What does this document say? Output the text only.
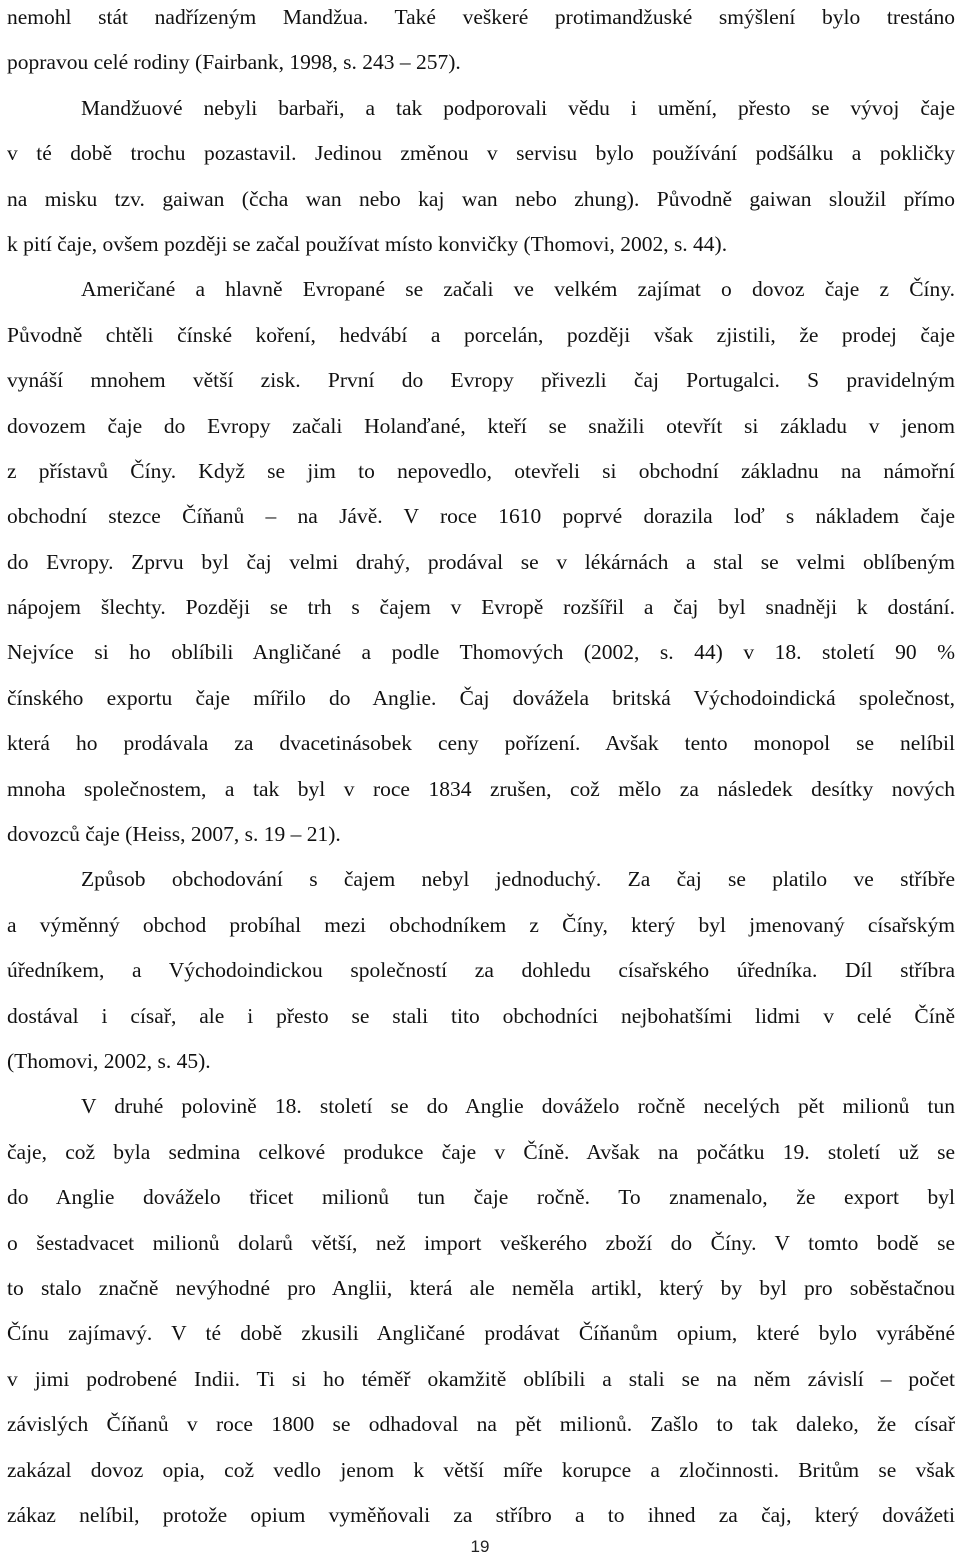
nemohl stát nadřízeným Mandžua. Také veškeré protimandžuské smýšlení bylo trestáno
popravou celé rodiny (Fairbank, 1998, s. 243 – 257).
Mandžuové nebyli barbaři, a tak podporovali vědu i umění, přesto se vývoj čaje
v té době trochu pozastavil. Jedinou změnou v servisu bylo používání podšálku a pokličky
na misku tzv. gaiwan (čcha wan nebo kaj wan nebo zhung). Původně gaiwan sloužil přímo
k pití čaje, ovšem později se začal používat místo konvičky (Thomovi, 2002, s. 44).
Američané a hlavně Evropané se začali ve velkém zajímat o dovoz čaje z Číny.
Původně chtěli čínské koření, hedvábí a porcelán, později však zjistili, že prodej čaje
vynáší mnohem větší zisk. První do Evropy přivezli čaj Portugalci. S pravidelným
dovozem čaje do Evropy začali Holanďané, kteří se snažili otevřít si základu v jenom
z přístavů Číny. Když se jim to nepovedlo, otevřeli si obchodní základnu na námořní
obchodní stezce Číňanů – na Jávě. V roce 1610 poprvé dorazila loď s nákladem čaje
do Evropy. Zprvu byl čaj velmi drahý, prodával se v lékárnách a stal se velmi oblíbeným
nápojem šlechty. Později se trh s čajem v Evropě rozšířil a čaj byl snadněji k dostání.
Nejvíce si ho oblíbili Angličané a podle Thomových (2002, s. 44) v 18. století 90 %
čínského exportu čaje mířilo do Anglie. Čaj dovážela britská Východoindická společnost,
která ho prodávala za dvacetinásobek ceny pořízení. Avšak tento monopol se nelíbil
mnoha společnostem, a tak byl v roce 1834 zrušen, což mělo za následek desítky nových
dovozců čaje (Heiss, 2007, s. 19 – 21).
Způsob obchodování s čajem nebyl jednoduchý. Za čaj se platilo ve stříbře
a výměnný obchod probíhal mezi obchodníkem z Číny, který byl jmenovaný císařským
úředníkem, a Východoindickou společností za dohledu císařského úředníka. Díl stříbra
dostával i císař, ale i přesto se stali tito obchodníci nejbohatšími lidmi v celé Číně
(Thomovi, 2002, s. 45).
V druhé polovině 18. století se do Anglie dováželo ročně necelých pět milionů tun
čaje, což byla sedmina celkové produkce čaje v Číně. Avšak na počátku 19. století už se
do Anglie dováželo třicet milionů tun čaje ročně. To znamenalo, že export byl
o šestadvacet milionů dolarů větší, než import veškerého zboží do Číny. V tomto bodě se
to stalo značně nevýhodné pro Anglii, která ale neměla artikl, který by byl pro soběstačnou
Čínu zajímavý. V té době zkusili Angličané prodávat Číňanům opium, které bylo vyráběné
v jimi podrobené Indii. Ti si ho téměř okamžitě oblíbili a stali se na něm závislí – počet
závislých Číňanů v roce 1800 se odhadoval na pět milionů. Zašlo to tak daleko, že císař
zakázal dovoz opia, což vedlo jenom k větší míře korupce a zločinnosti. Britům se však
zákaz nelíbil, protože opium vyměňovali za stříbro a to ihned za čaj, který dovážeti
19
